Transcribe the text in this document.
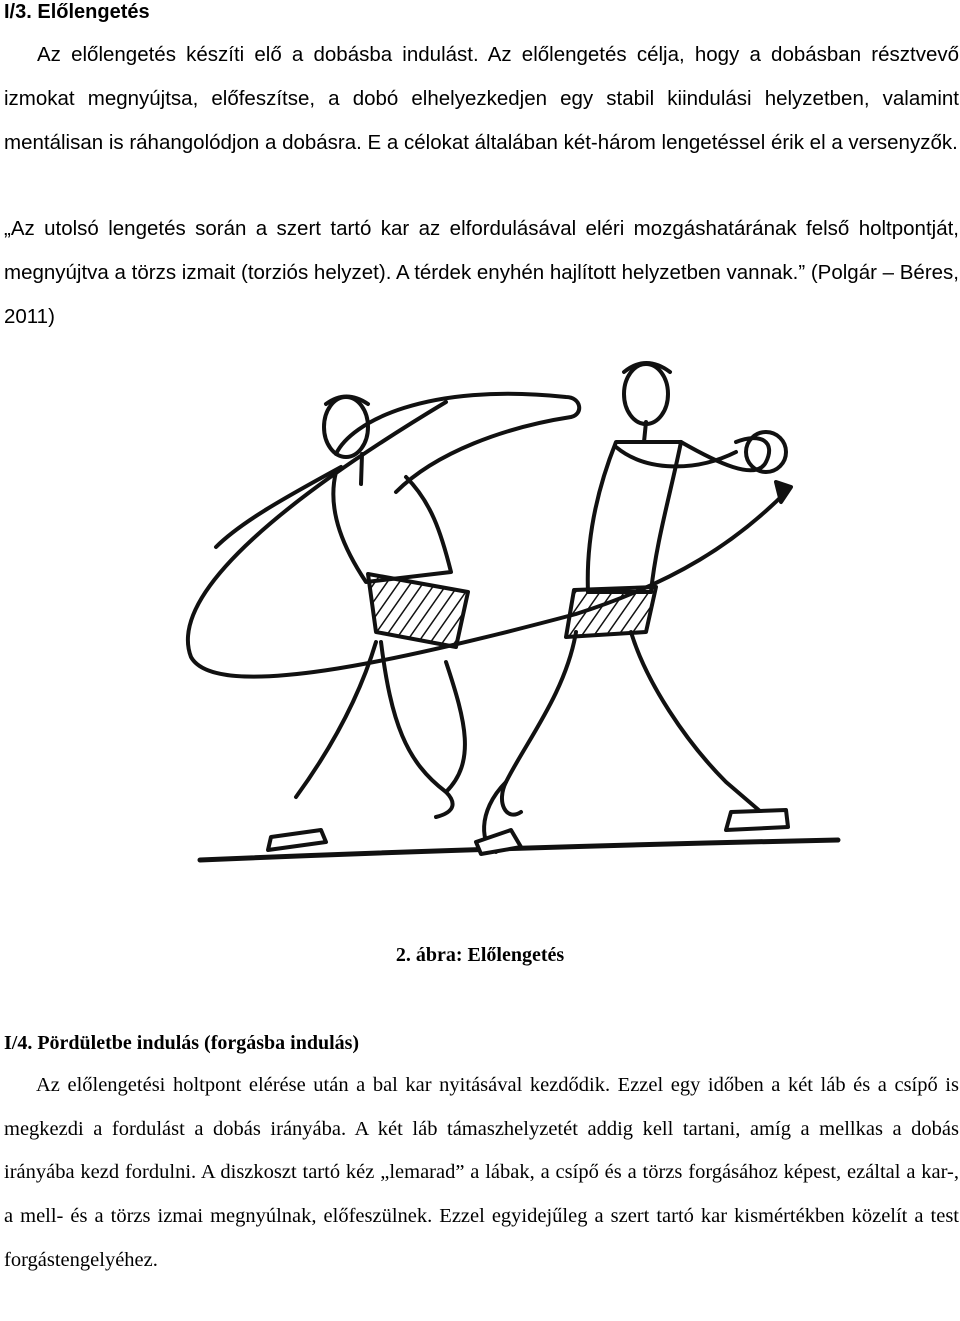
I/3. Előlengetés
Az előlengetés készíti elő a dobásba indulást. Az előlengetés célja, hogy a dobásban résztvevő izmokat megnyújtsa, előfeszítse, a dobó elhelyezkedjen egy stabil kiindulási helyzetben, valamint mentálisan is ráhangolódjon a dobásra. E a célokat általában két-három lengetéssel érik el a versenyzők.
„Az utolsó lengetés során a szert tartó kar az elfordulásával eléri mozgáshatárának felső holtpontját, megnyújtva a törzs izmait (torziós helyzet). A térdek enyhén hajlított helyzetben vannak.” (Polgár – Béres, 2011)
2. ábra: Előlengetés
I/4. Pördületbe indulás (forgásba indulás)
Az előlengetési holtpont elérése után a bal kar nyitásával kezdődik. Ezzel egy időben a két láb és a csípő is megkezdi a fordulást a dobás irányába. A két láb támaszhelyzetét addig kell tartani, amíg a mellkas a dobás irányába kezd fordulni. A diszkoszt tartó kéz „lemarad” a lábak, a csípő és a törzs forgásához képest, ezáltal a kar-, a mell- és a törzs izmai megnyúlnak, előfeszülnek. Ezzel egyidejűleg a szert tartó kar kismértékben közelít a test forgástengelyéhez.
